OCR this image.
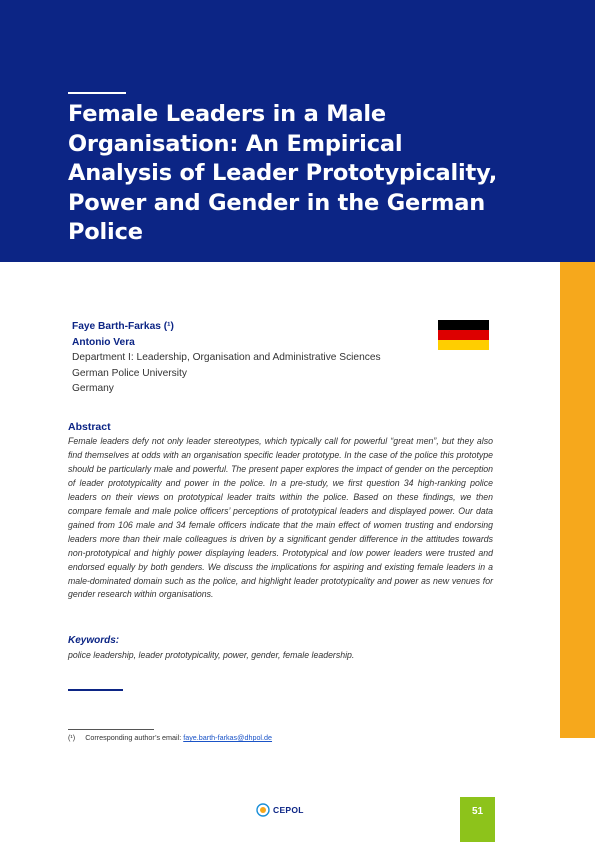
Female Leaders in a Male
Organisation: An Empirical
Analysis of Leader Prototypicality,
Power and Gender in the German
Police
Faye Barth-Farkas (¹)
Antonio Vera
Department I: Leadership, Organisation and Administrative Sciences
German Police University
Germany
Abstract

Female leaders defy not only leader stereotypes, which typically call for powerful “great men”, but they also find themselves at odds with an organisation specific leader prototype. In the case of the police this prototype should be particularly male and powerful. The present paper explores the impact of gender on the perception of leader prototypicality and power in the police. In a pre-study, we first question 34 high-ranking police leaders on their views on prototypical leader traits within the police. Based on these findings, we then compare female and male police officers’ perceptions of prototypical leaders and displayed power. Our data gained from 106 male and 34 female officers indicate that the main effect of women trusting and endorsing leaders more than their male colleagues is driven by a significant gender difference in the attitudes towards non-prototypical and highly power displaying leaders. Prototypical and low power leaders were trusted and endorsed equally by both genders. We discuss the implications for aspiring and existing female leaders in a male-dominated domain such as the police, and highlight leader prototypicality and power as new venues for gender research within organisations.

Keywords:

police leadership, leader prototypicality, power, gender, female leadership.

(¹) Corresponding author’s email: faye.barth-farkas@dhpol.de
CEPOL	51
